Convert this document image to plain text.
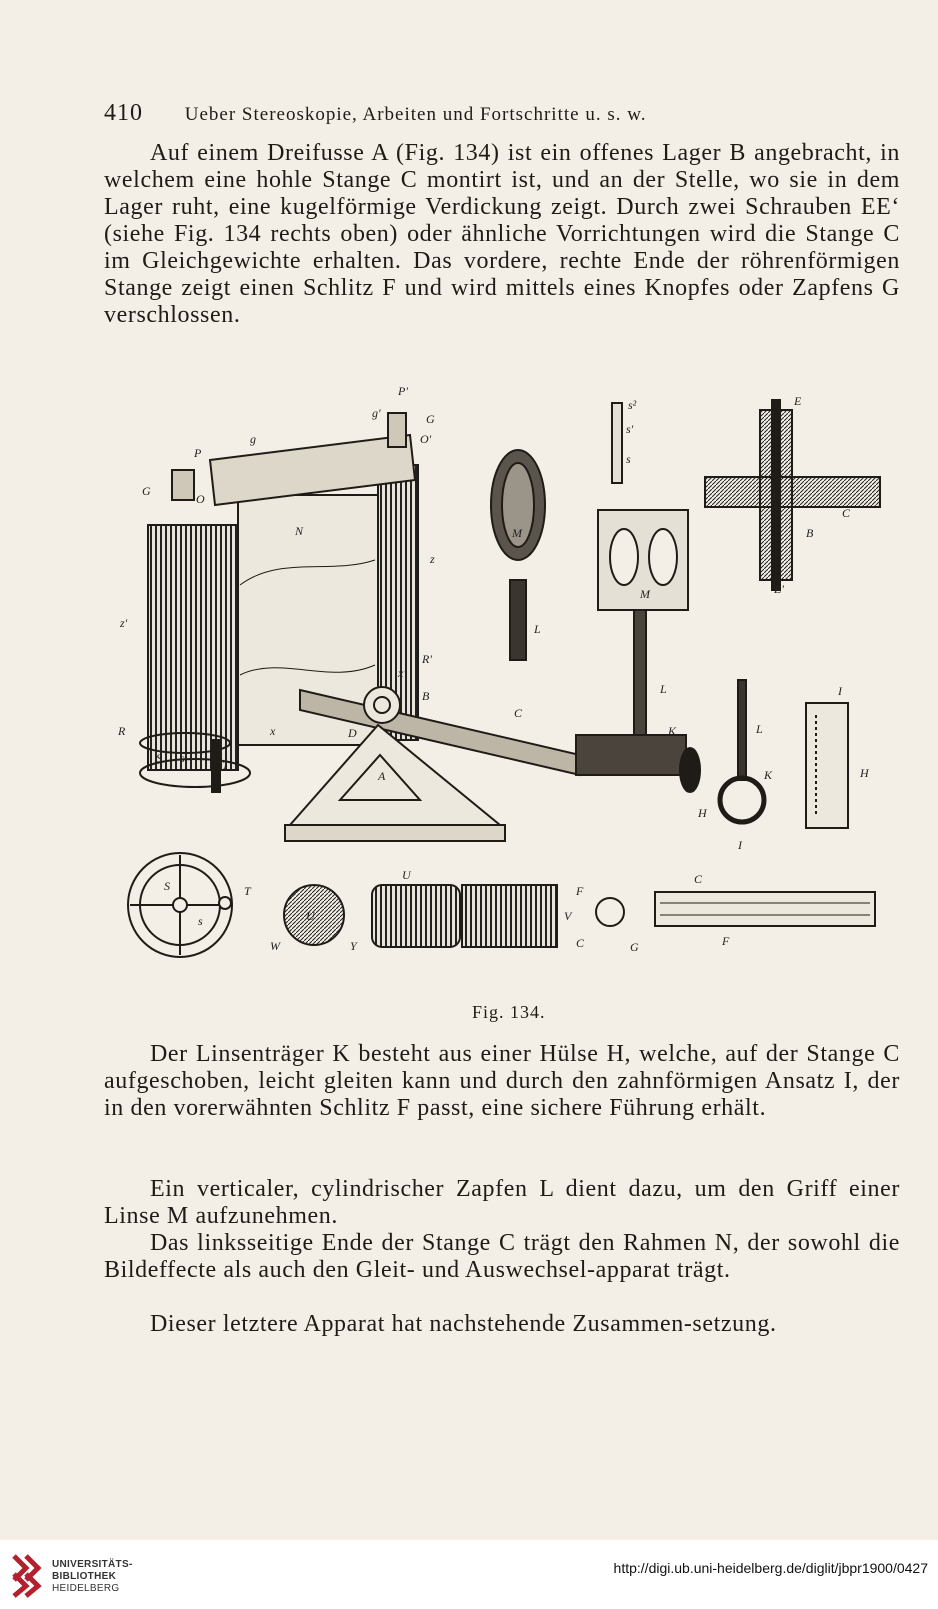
410 Ueber Stereoskopie, Arbeiten und Fortschritte u. s. w.

Auf einem Dreifusse A (Fig. 134) ist ein offenes Lager B angebracht, in welchem eine hohle Stange C montirt ist, und an der Stelle, wo sie in dem Lager ruht, eine kugelförmige Verdickung zeigt. Durch zwei Schrauben EE‘ (siehe Fig. 134 rechts oben) oder ähnliche Vorrichtungen wird die Stange C im Gleichgewichte erhalten. Das vordere, rechte Ende der röhrenförmigen Stange zeigt einen Schlitz F und wird mittels eines Knopfes oder Zapfens G verschlossen.

P'
g'	G
O'
P
g
G
O
N
z
z'
R'
x'
R	x
S s	T
D
B
A
C
M
L
s²
s'
s
M
L
K
E
E'
D
C
B
L
K
H
I
I
H
S
s
T
W
U
Y
U
F
V
C	G
C
F
Fig. 134.

Der Linsenträger K besteht aus einer Hülse H, welche, auf der Stange C aufgeschoben, leicht gleiten kann und durch den zahnförmigen Ansatz I, der in den vorerwähnten Schlitz F passt, eine sichere Führung erhält.

Ein verticaler, cylindrischer Zapfen L dient dazu, um den Griff einer Linse M aufzunehmen.

Das linksseitige Ende der Stange C trägt den Rahmen N, der sowohl die Bildeffecte als auch den Gleit- und Auswechsel-apparat trägt.

Dieser letztere Apparat hat nachstehende Zusammen-setzung.

UNIVERSITÄTS-
BIBLIOTHEK
HEIDELBERG
http://digi.ub.uni-heidelberg.de/diglit/jbpr1900/0427
